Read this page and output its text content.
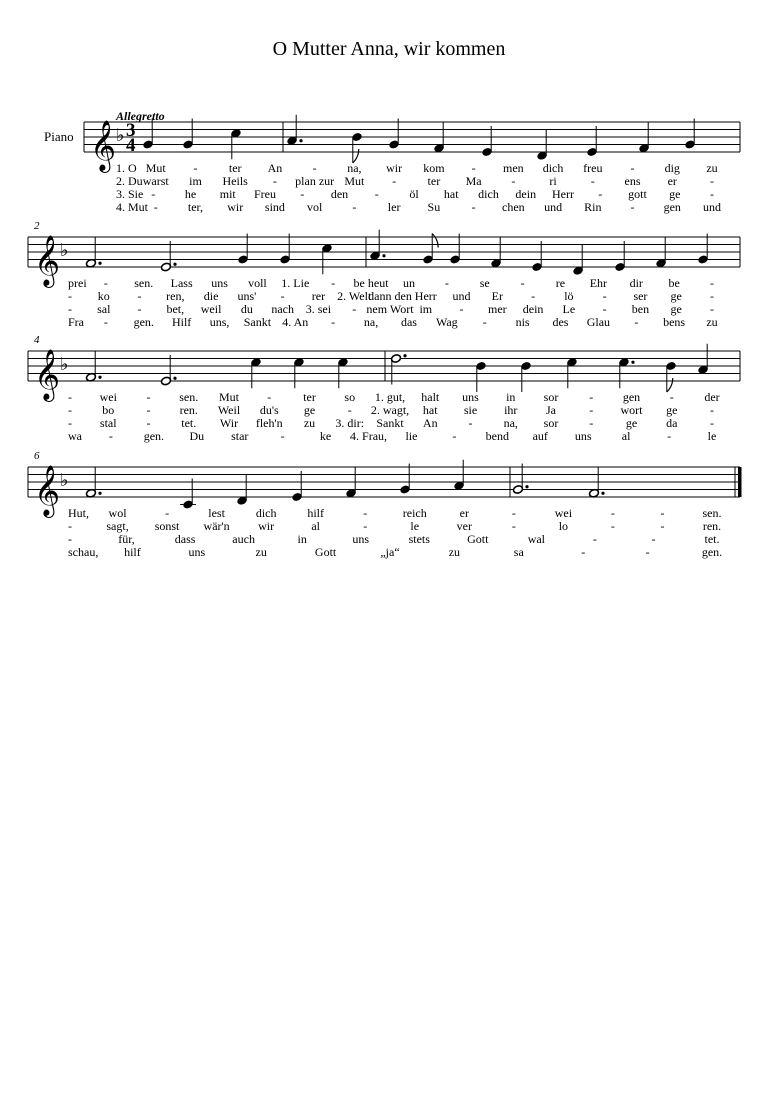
O Mutter Anna, wir kommen
𝄞 ♭
𝄞 ♭
2
𝄞 ♭
4
𝄞 ♭
6
3
4
Allegretto
Piano
1. O Mut -	ter An	-	na, wir kom - men dich freu -	dig zu
2. Du warst im Heils - plan zur Mut -	ter Ma -	ri	- ens er	-
3. Sie - he mit Freu - den -	öl hat dich dein Herr - gott ge -
4. Mut -	ter, wir sind vol	-	ler Su	- chen und Rin - gen und
prei - sen. Lass uns voll 1. Lie - be heut un -	se	-	re Ehr dir be	-
- ko - ren, die uns' - rer 2. Welt
dann den Herr und Er - lö - ser ge -
- sal - bet, weil du nach 3. sei - nem Wort im - mer dein Le - ben ge -
Fra - gen. Hilf uns, Sankt 4. An - na, das Wag - nis des Glau - bens zu
- wei - sen. Mut -	ter so 1. gut, halt uns in sor	- gen -	der
-	bo	- ren. Weil du's ge	- 2. wagt, hat sie ihr Ja	- wort ge	-
- stal -	tet. Wir fleh'n zu 3. dir: Sankt An	-	na, sor	-	ge da	-
wa -	gen. Du star	-	ke 4. Frau, lie	- bend auf uns	al	-	le
Hut, wol	-	lest	dich	hilf	-	reich	er	-	wei	-	-	sen.
-	sagt, sonst wär'n wir	al	-	le	ver	-	lo	-	-	ren.
-	für,	dass	auch	in	uns	stets	Gott	wal	-	-	tet.
schau, hilf	uns	zu	Gott	„ja“	zu	sa	-	-	gen.
